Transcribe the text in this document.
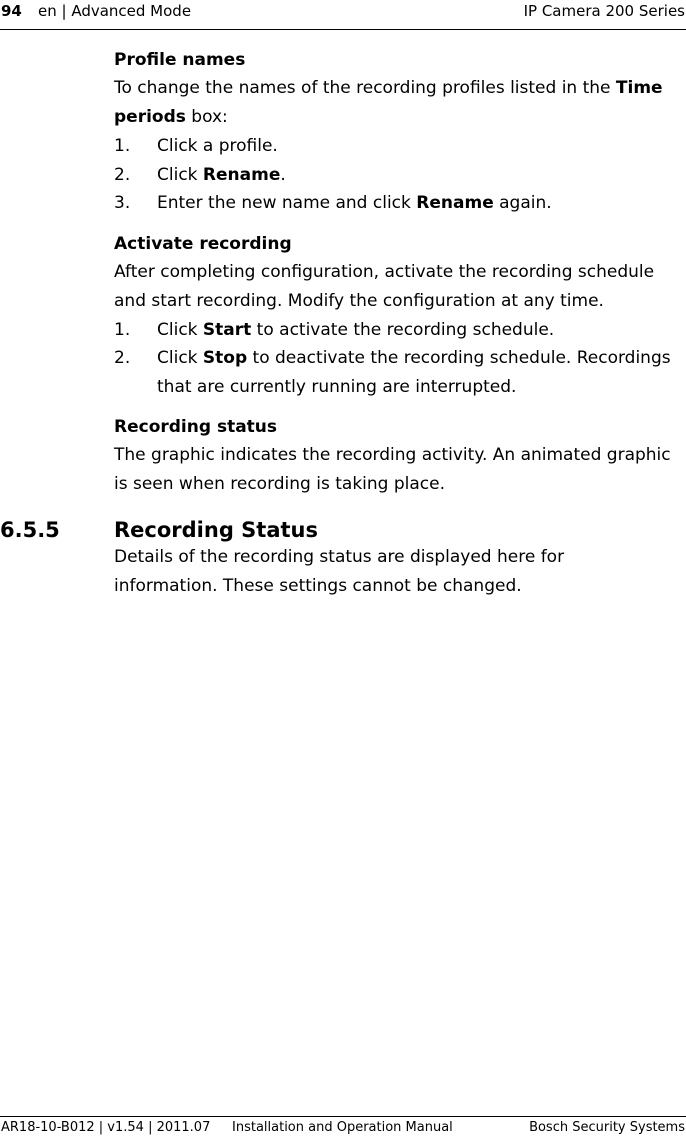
94 en | Advanced Mode	IP Camera 200 Series

Profile names

To change the names of the recording profiles listed in the Time periods box:

1. Click a profile.
2. Click Rename.
3. Enter the new name and click Rename again.

Activate recording

After completing configuration, activate the recording schedule and start recording. Modify the configuration at any time.

1. Click Start to activate the recording schedule.
2. Click Stop to deactivate the recording schedule. Recordings that are currently running are interrupted.

Recording status

The graphic indicates the recording activity. An animated graphic is seen when recording is taking place.

6.5.5	Recording Status

Details of the recording status are displayed here for

information. These settings cannot be changed.

AR18-10-B012 | v1.54 | 2011.07 Installation and Operation Manual	Bosch Security Systems
